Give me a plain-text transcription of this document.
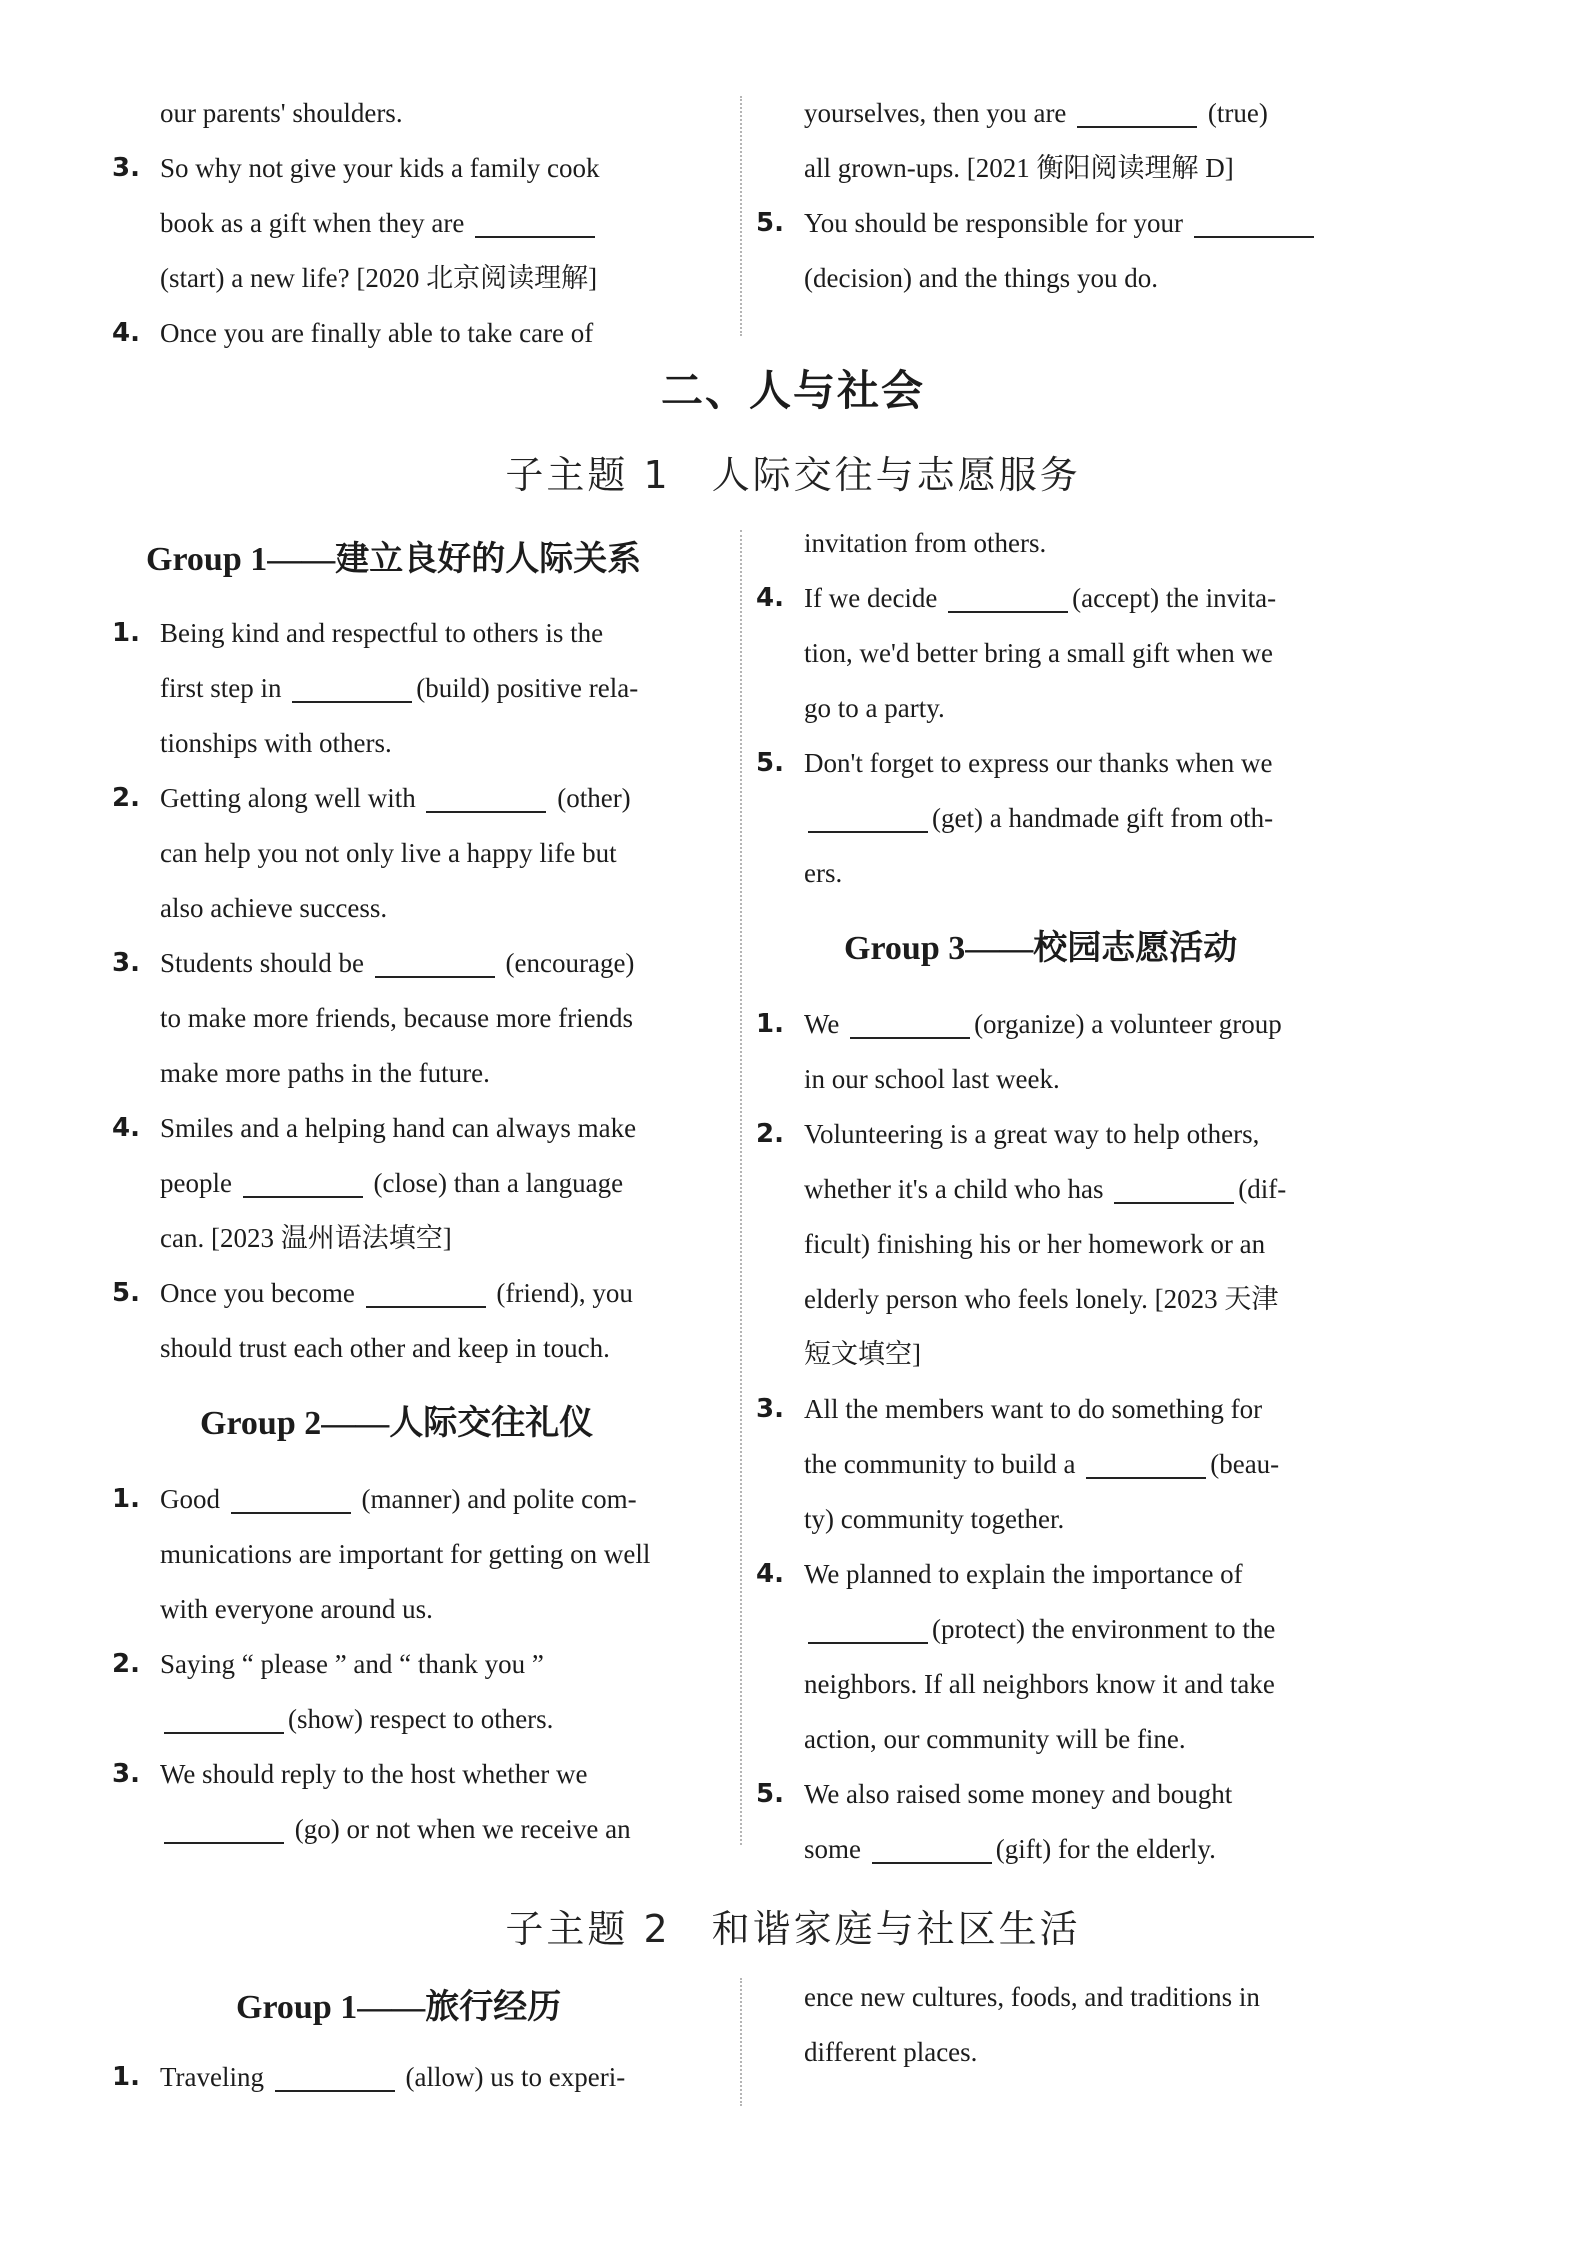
our parents' shoulders.
3. So why not give your kids a family cook
book as a gift when they are
(start) a new life? [2020 北京阅读理解]
4. Once you are finally able to take care of
yourselves, then you are	(true)
all grown-ups. [2021 衡阳阅读理解 D]
5. You should be responsible for your
(decision) and the things you do.
二、人与社会
子主题 1　人际交往与志愿服务
Group 1——建立良好的人际关系
1. Being kind and respectful to others is the
first step in	(build) positive rela-
tionships with others.
2. Getting along well with	(other)
can help you not only live a happy life but
also achieve success.
3. Students should be	(encourage)
to make more friends, because more friends
make more paths in the future.
4. Smiles and a helping hand can always make
people	(close) than a language
can. [2023 温州语法填空]
5. Once you become	(friend), you
should trust each other and keep in touch.
Group 2——人际交往礼仪
1. Good	(manner) and polite com-
munications are important for getting on well
with everyone around us.
2. Saying “ please ” and “ thank you ”
(show) respect to others.
3. We should reply to the host whether we
(go) or not when we receive an
invitation from others.
4. If we decide	(accept) the invita-
tion, we'd better bring a small gift when we
go to a party.
5. Don't forget to express our thanks when we
(get) a handmade gift from oth-
ers.
Group 3——校园志愿活动
1. We	(organize) a volunteer group
in our school last week.
2. Volunteering is a great way to help others,
whether it's a child who has	(dif-
ficult) finishing his or her homework or an
elderly person who feels lonely. [2023 天津
短文填空]
3. All the members want to do something for
the community to build a	(beau-
ty) community together.
4. We planned to explain the importance of
(protect) the environment to the
neighbors. If all neighbors know it and take
action, our community will be fine.
5. We also raised some money and bought
some	(gift) for the elderly.
子主题 2　和谐家庭与社区生活
Group 1——旅行经历
1. Traveling	(allow) us to experi-
ence new cultures, foods, and traditions in
different places.
